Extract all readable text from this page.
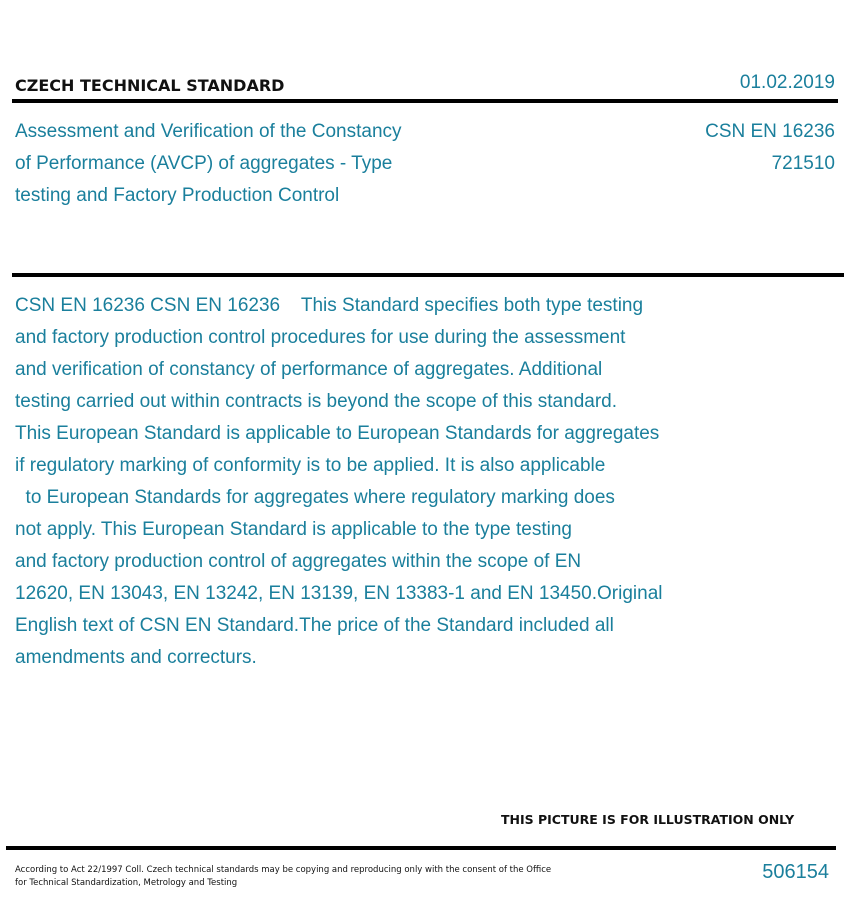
CZECH TECHNICAL STANDARD	01.02.2019
Assessment and Verification of the Constancy
of Performance (AVCP) of aggregates - Type
testing and Factory Production Control
CSN EN 16236
721510
CSN EN 16236 CSN EN 16236    This Standard specifies both type testing
and factory production control procedures for use during the assessment
and verification of constancy of performance of aggregates. Additional
testing carried out within contracts is beyond the scope of this standard.
This European Standard is applicable to European Standards for aggregates
if regulatory marking of conformity is to be applied. It is also applicable
to European Standards for aggregates where regulatory marking does
not apply. This European Standard is applicable to the type testing
and factory production control of aggregates within the scope of EN
12620, EN 13043, EN 13242, EN 13139, EN 13383-1 and EN 13450.Original
English text of CSN EN Standard.The price of the Standard included all
amendments and correcturs.
THIS PICTURE IS FOR ILLUSTRATION ONLY
According to Act 22/1997 Coll. Czech technical standards may be copying and reproducing only with the consent of the Office
for Technical Standardization, Metrology and Testing	506154
